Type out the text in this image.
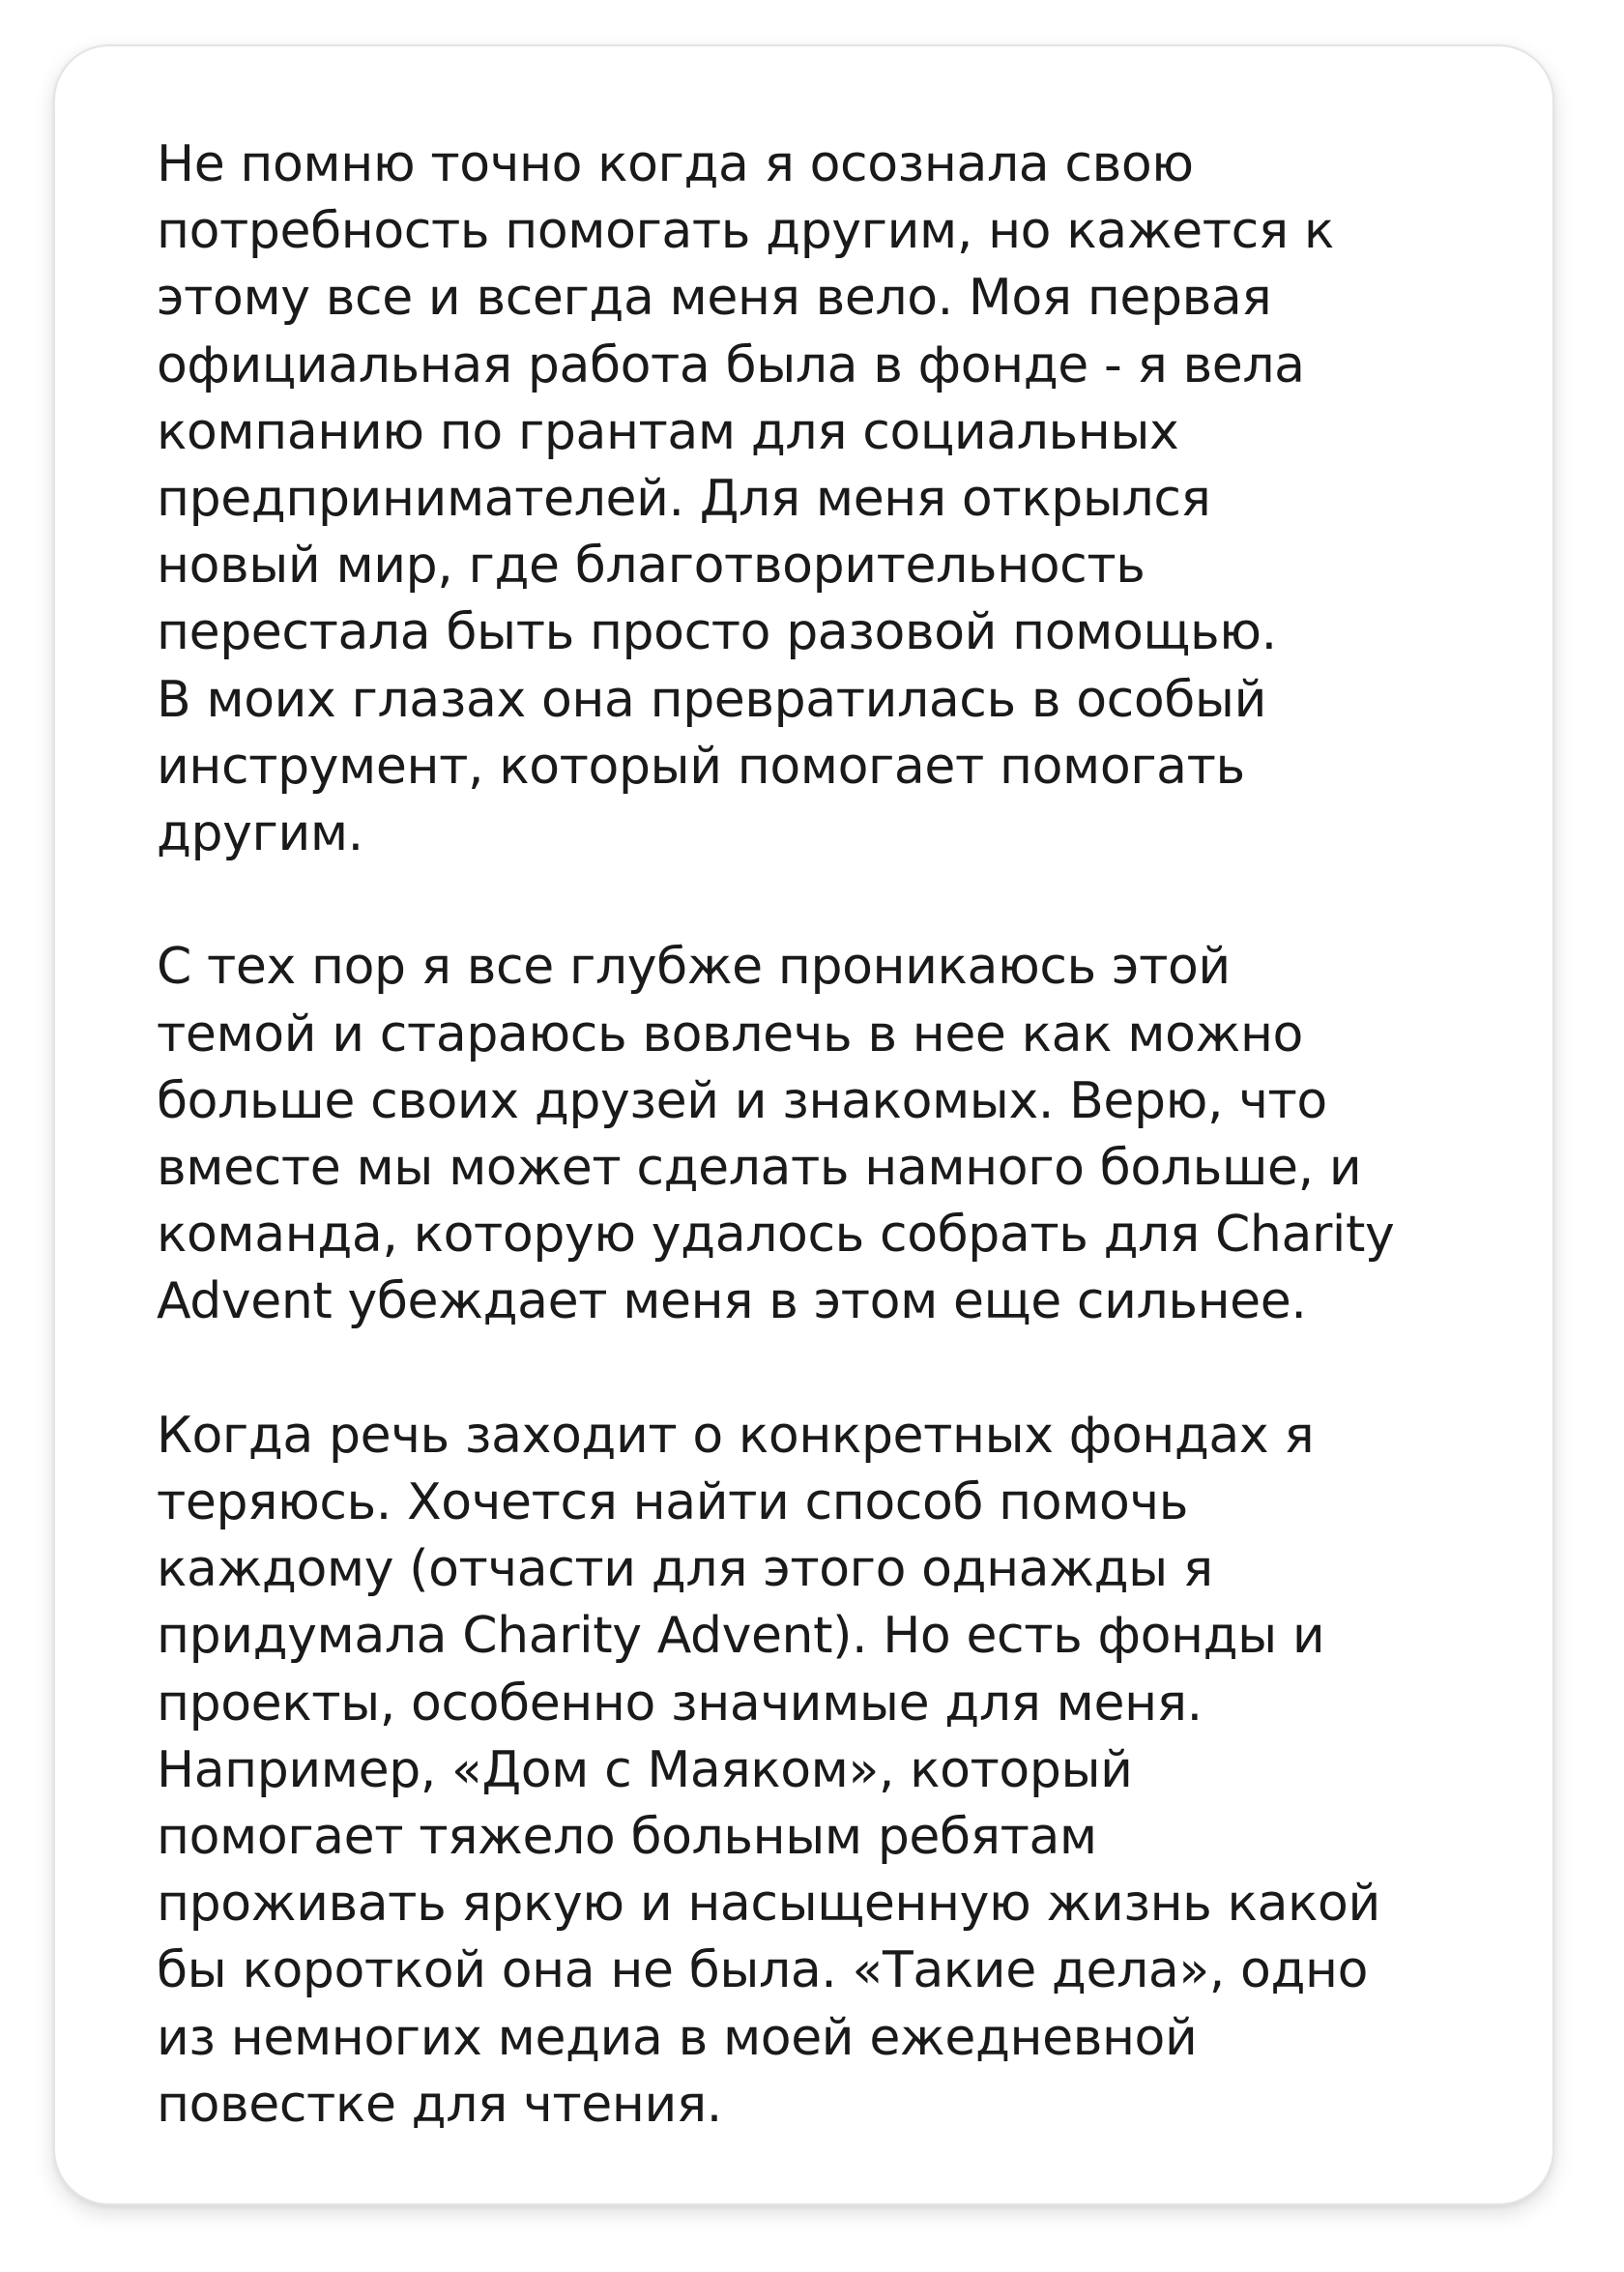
Не помню точно когда я осознала свою
потребность помогать другим, но кажется к
этому все и всегда меня вело. Моя первая
официальная работа была в фонде - я вела
компанию по грантам для социальных
предпринимателей. Для меня открылся
новый мир, где благотворительность
перестала быть просто разовой помощью.
В моих глазах она превратилась в особый
инструмент, который помогает помогать
другим.
С тех пор я все глубже проникаюсь этой
темой и стараюсь вовлечь в нее как можно
больше своих друзей и знакомых. Верю, что
вместе мы может сделать намного больше, и
команда, которую удалось собрать для Charity
Advent убеждает меня в этом еще сильнее.
Когда речь заходит о конкретных фондах я
теряюсь. Хочется найти способ помочь
каждому (отчасти для этого однажды я
придумала Charity Advent). Но есть фонды и
проекты, особенно значимые для меня.
Например, «Дом с Маяком», который
помогает тяжело больным ребятам
проживать яркую и насыщенную жизнь какой
бы короткой она не была. «Такие дела», одно
из немногих медиа в моей ежедневной
повестке для чтения.
